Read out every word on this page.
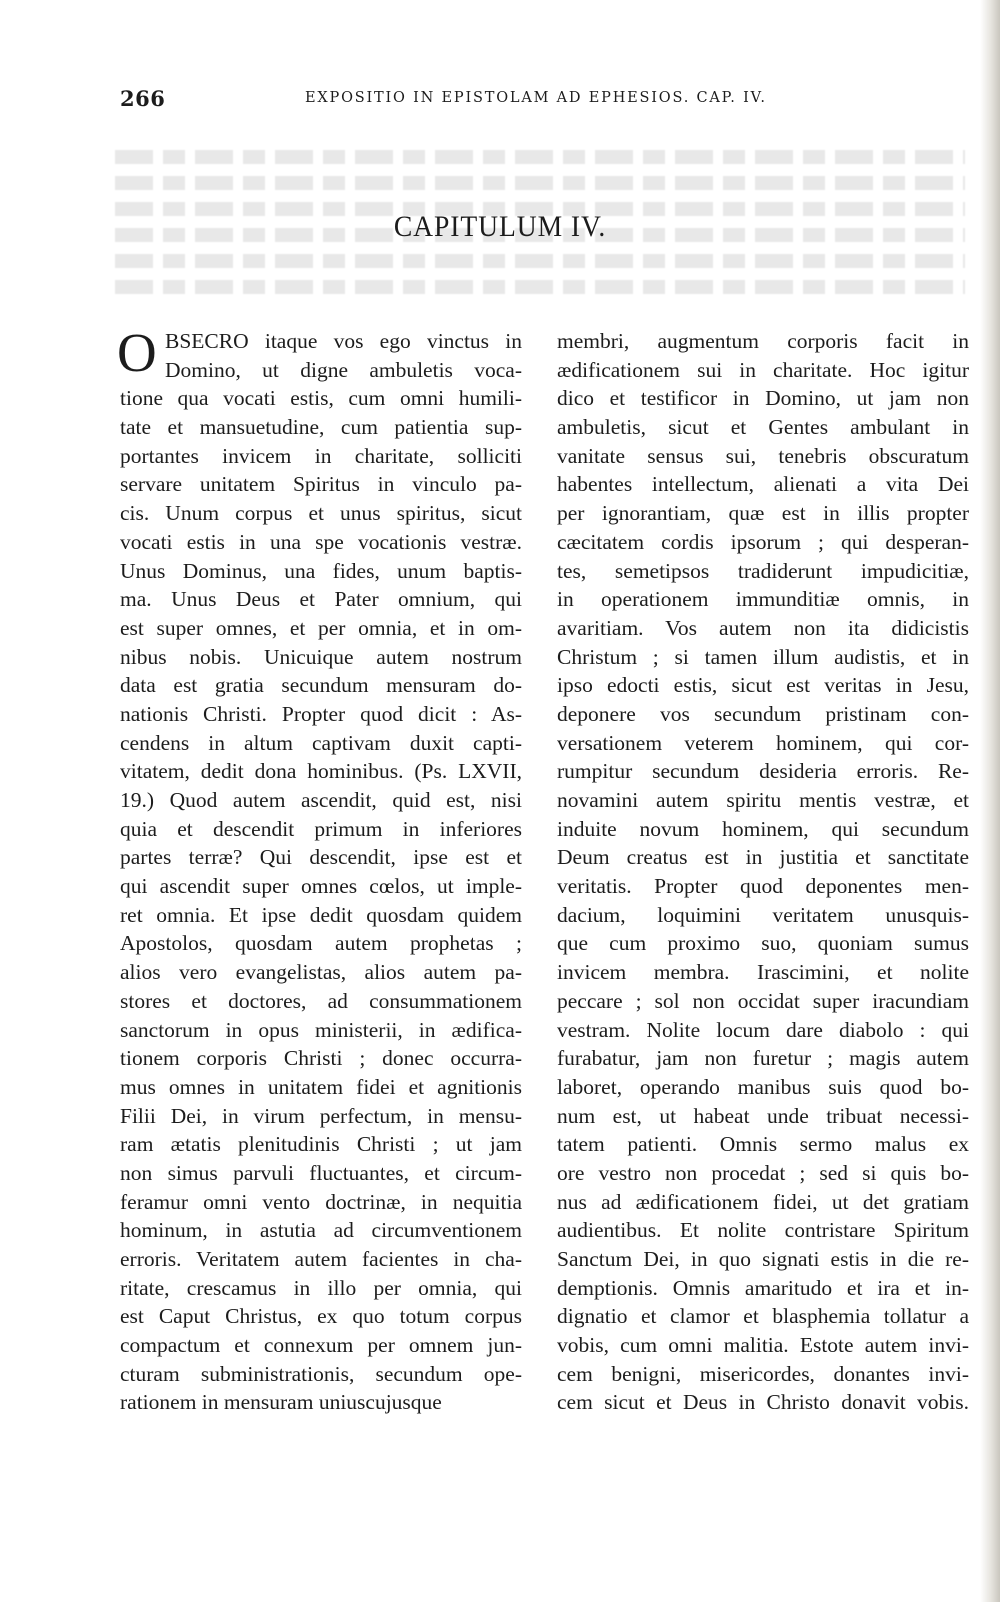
266	EXPOSITIO IN EPISTOLAM AD EPHESIOS. CAP. IV.
CAPITULUM IV.
O BSECRO itaque vos ego vinctus in
Domino, ut digne ambuletis voca-
tione qua vocati estis, cum omni humili-
tate et mansuetudine, cum patientia sup-
portantes invicem in charitate, solliciti
servare unitatem Spiritus in vinculo pa-
cis. Unum corpus et unus spiritus, sicut
vocati estis in una spe vocationis vestræ.
Unus Dominus, una fides, unum baptis-
ma. Unus Deus et Pater omnium, qui
est super omnes, et per omnia, et in om-
nibus nobis. Unicuique autem nostrum
data est gratia secundum mensuram do-
nationis Christi. Propter quod dicit : As-
cendens in altum captivam duxit capti-
vitatem, dedit dona hominibus. (Ps. LXVII,
19.) Quod autem ascendit, quid est, nisi
quia et descendit primum in inferiores
partes terræ? Qui descendit, ipse est et
qui ascendit super omnes cœlos, ut imple-
ret omnia. Et ipse dedit quosdam quidem
Apostolos, quosdam autem prophetas ;
alios vero evangelistas, alios autem pa-
stores et doctores, ad consummationem
sanctorum in opus ministerii, in ædifica-
tionem corporis Christi ; donec occurra-
mus omnes in unitatem fidei et agnitionis
Filii Dei, in virum perfectum, in mensu-
ram ætatis plenitudinis Christi ; ut jam
non simus parvuli fluctuantes, et circum-
feramur omni vento doctrinæ, in nequitia
hominum, in astutia ad circumventionem
erroris. Veritatem autem facientes in cha-
ritate, crescamus in illo per omnia, qui
est Caput Christus, ex quo totum corpus
compactum et connexum per omnem jun-
cturam subministrationis, secundum ope-
rationem in mensuram uniuscujusque
membri, augmentum corporis facit in
ædificationem sui in charitate. Hoc igitur
dico et testificor in Domino, ut jam non
ambuletis, sicut et Gentes ambulant in
vanitate sensus sui, tenebris obscuratum
habentes intellectum, alienati a vita Dei
per ignorantiam, quæ est in illis propter
cæcitatem cordis ipsorum ; qui desperan-
tes, semetipsos tradiderunt impudicitiæ,
in operationem immunditiæ omnis, in
avaritiam. Vos autem non ita didicistis
Christum ; si tamen illum audistis, et in
ipso edocti estis, sicut est veritas in Jesu,
deponere vos secundum pristinam con-
versationem veterem hominem, qui cor-
rumpitur secundum desideria erroris. Re-
novamini autem spiritu mentis vestræ, et
induite novum hominem, qui secundum
Deum creatus est in justitia et sanctitate
veritatis. Propter quod deponentes men-
dacium, loquimini veritatem unusquis-
que cum proximo suo, quoniam sumus
invicem membra. Irascimini, et nolite
peccare ; sol non occidat super iracundiam
vestram. Nolite locum dare diabolo : qui
furabatur, jam non furetur ; magis autem
laboret, operando manibus suis quod bo-
num est, ut habeat unde tribuat necessi-
tatem patienti. Omnis sermo malus ex
ore vestro non procedat ; sed si quis bo-
nus ad ædificationem fidei, ut det gratiam
audientibus. Et nolite contristare Spiritum
Sanctum Dei, in quo signati estis in die re-
demptionis. Omnis amaritudo et ira et in-
dignatio et clamor et blasphemia tollatur a
vobis, cum omni malitia. Estote autem invi-
cem benigni, misericordes, donantes invi-
cem sicut et Deus in Christo donavit vobis.
